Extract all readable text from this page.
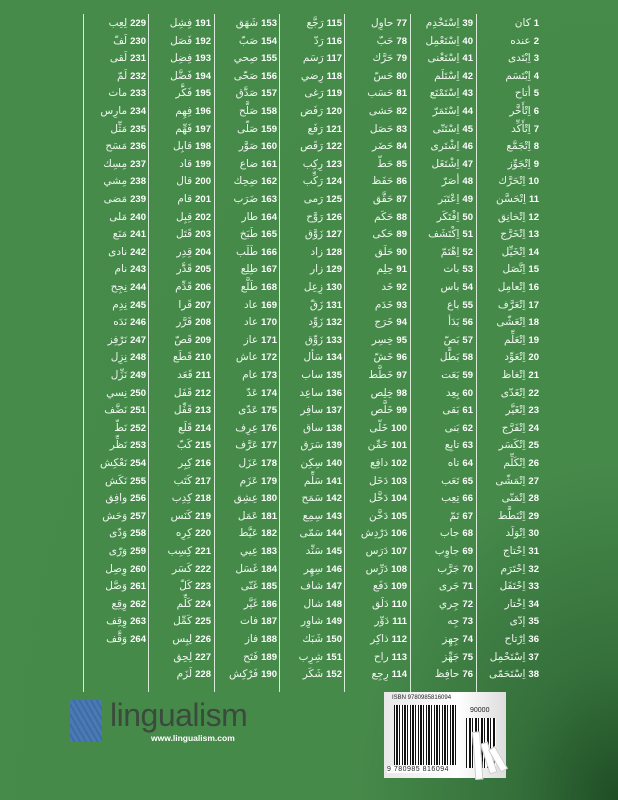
1كان
2عنده
3اِبْتَدى
4اِبْتَسَم
5أتاح
6اِتْأَخَّر
7اِتْأَكِّد
8اِتْجَمَّع
9اِتْجَوِّز
10اِتْحَرَّك
11اِتْحَسَّن
12اِتْخانِق
13اِتْخَرَّج
14اِتْخَيِّل
15اِتَّصَل
16اِتْعامِل
17اِتْعَرَّف
18اِتْعَشّى
19اِتْعَلِّم
20اِتْعَوِّد
21اِتْغاظ
22اِتْغَدّى
23اِتْغَيَّر
24اِتْفَرَّج
25اِتْكَسَر
26اِتْكَلِّم
27اِتْمَشّى
28اِتْمَنّى
29اِتْنَطَّط
30اِتْوَلَد
31اِحْتاج
32اِحْتَرَم
33اِحْتَفَل
34اِخْتار
35إدّى
36اِرْتاح
37اِسْتَحْمِل
38اِسْتَحَمّى
39اِسْتَخْدِم
40اِسْتَعْمِل
41اِسْتَغْنى
42اِسْتَلَم
43اِسْتَمْتَع
44اِسْتَمَرّ
45اِسْتَنّى
46اِشْتَرى
47اِشْتَغَل
48أصَرّ
49اِعْتَبَر
50اِفْتَكَر
51اِكْتَشَف
52اِهْتَمّ
53بات
54باس
55باع
56بَدَأ
57بَصّ
58بَطَّل
59بَعَت
60بِعِد
61بَقى
62بَنى
63تابِع
64تاه
65تَعَب
66تِعِب
67تَمّ
68جاب
69جاوِب
70جَرَّب
71جَرى
72جِري
73جِه
74جِهِز
75جَهِّز
76حافِظ
77حاوِل
78حَبّ
79حَرَّك
80حَسّ
81حَسَب
82حَشى
83حَصَل
84حَضَر
85حَطّ
86حَفَظ
87حَقَّق
88حَكَم
89حَكى
90حَلَق
91حِلِم
92خَد
93خَدَم
94خَرَج
95خِسِر
96خَشّ
97خَطَّط
98خِلِص
99خَلَّص
100خَلّى
101خَمِّن
102دافِع
103دَخَل
104دَخَّل
105دَخَّن
106دَرْدِش
107دَرَس
108دَرِّس
109دَفَع
110دَلَق
111دَوِّر
112ذاكِر
113راح
114رِجِع
115رَجَّع
116رَدّ
117رَسَم
118رِضي
119رَغى
120رَفَض
121رَفَع
122رَقَص
123رِكِب
124رَكِّب
125رَمى
126رَوَّح
127زَوَّق
128زاد
129زار
130زِعِل
131زَقّ
132زَوِّد
133زَوِّق
134سَأل
135ساب
136ساعِد
137سافِر
138ساق
139سَرَق
140سِكِن
141سَلِّم
142سَمَح
143سِمِع
144سَمّى
145سَنِّد
146سِهِر
147شاف
148شال
149شاوِر
150شَبَك
151شِرِب
152شَكَر
153شَهَق
154صَبّ
155صِحي
156صَحّى
157صَدَّق
158صَلَّح
159صَلّى
160صَوَّر
161ضاع
162ضِحِك
163ضَرَب
164طار
165طَبَخ
166طَلَب
167طِلِع
168طَلَّع
169عاد
170عاد
171عاز
172عاش
173عام
174عَدّ
175عَدّى
176عِرِف
177عَرَّف
178عَزَل
179عَزَم
180عِشِق
181عَمَل
182عَيَّط
183عِيي
184غَسَل
185غَنّى
186غَيَّر
187فات
188فاز
189فَتَح
190فَرْكِش
191فِشِل
192فَصَل
193فِضِل
194فَضَّل
195فَكَّر
196فِهِم
197فَهِّم
198قابِل
199قاد
200قال
201قام
202قِبِل
203قَتَل
204قِدِر
205قَدَّر
206قَدِّم
207قَرا
208قَرَّر
209قَصّ
210قَطَع
211قَعَد
212قَفَل
213قَفِّل
214قَلَع
215كَبّ
216كِبِر
217كَتَب
218كِدِب
219كَنَس
220كِرِه
221كِسِب
222كَسَر
223كَلّ
224كَلِّم
225كَمِّل
226لِبِس
227لِحِق
228لَزَم
229لِعِب
230لَفّ
231لَقى
232لَمّ
233مات
234مارِس
235مَثِّل
236مَسَح
237مِسِك
238مِشي
239مَضى
240مَلى
241مَنَع
242نادى
243نام
244نِجِح
245نِدِم
246نَدَه
247نَرْفِز
248نِزِل
249نَزِّل
250نِسي
251نَضَّف
252نَطّ
253نَظِّر
254نَعْكِش
255نَكَش
256وافِق
257وَحَش
258وَدّى
259وَرّى
260وِصِل
261وَصَّل
262وِقِع
263وِقِف
264وَقَّف
lingualism
www.lingualism.com
ISBN 9780985816094
90000
9 780985 816094
